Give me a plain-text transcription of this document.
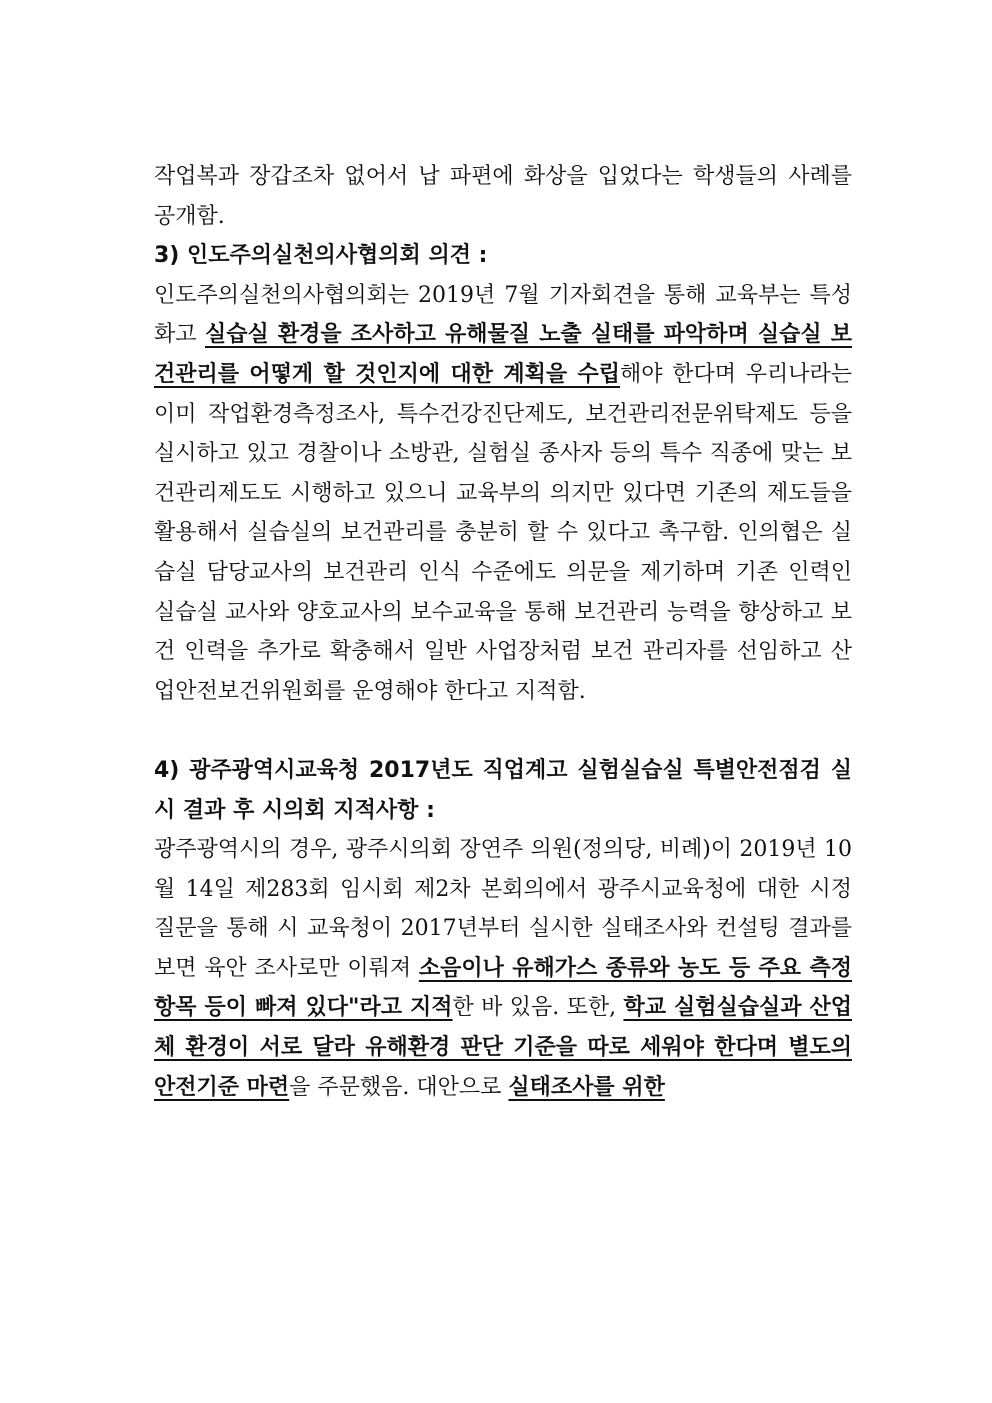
작업복과 장갑조차 없어서 납 파편에 화상을 입었다는 학생들의 사례를 공개함.

3) 인도주의실천의사협의회 의견 :

인도주의실천의사협의회는 2019년 7월 기자회견을 통해 교육부는 특성화고 실습실 환경을 조사하고 유해물질 노출 실태를 파악하며 실습실 보건관리를 어떻게 할 것인지에 대한 계획을 수립해야 한다며 우리나라는 이미 작업환경측정조사, 특수건강진단제도, 보건관리전문위탁제도 등을 실시하고 있고 경찰이나 소방관, 실험실 종사자 등의 특수 직종에 맞는 보건관리제도도 시행하고 있으니 교육부의 의지만 있다면 기존의 제도들을 활용해서 실습실의 보건관리를 충분히 할 수 있다고 촉구함. 인의협은 실습실 담당교사의 보건관리 인식 수준에도 의문을 제기하며 기존 인력인 실습실 교사와 양호교사의 보수교육을 통해 보건관리 능력을 향상하고 보건 인력을 추가로 확충해서 일반 사업장처럼 보건 관리자를 선임하고 산업안전보건위원회를 운영해야 한다고 지적함.

4) 광주광역시교육청 2017년도 직업계고 실험실습실 특별안전점검 실시 결과 후 시의회 지적사항 :

광주광역시의 경우, 광주시의회 장연주 의원(정의당, 비례)이 2019년 10월 14일 제283회 임시회 제2차 본회의에서 광주시교육청에 대한 시정 질문을 통해 시 교육청이 2017년부터 실시한 실태조사와 컨설팅 결과를 보면 육안 조사로만 이뤄져 소음이나 유해가스 종류와 농도 등 주요 측정 항목 등이 빠져 있다"라고 지적한 바 있음. 또한, 학교 실험실습실과 산업체 환경이 서로 달라 유해환경 판단 기준을 따로 세워야 한다며 별도의 안전기준 마련을 주문했음. 대안으로 실태조사를 위한
